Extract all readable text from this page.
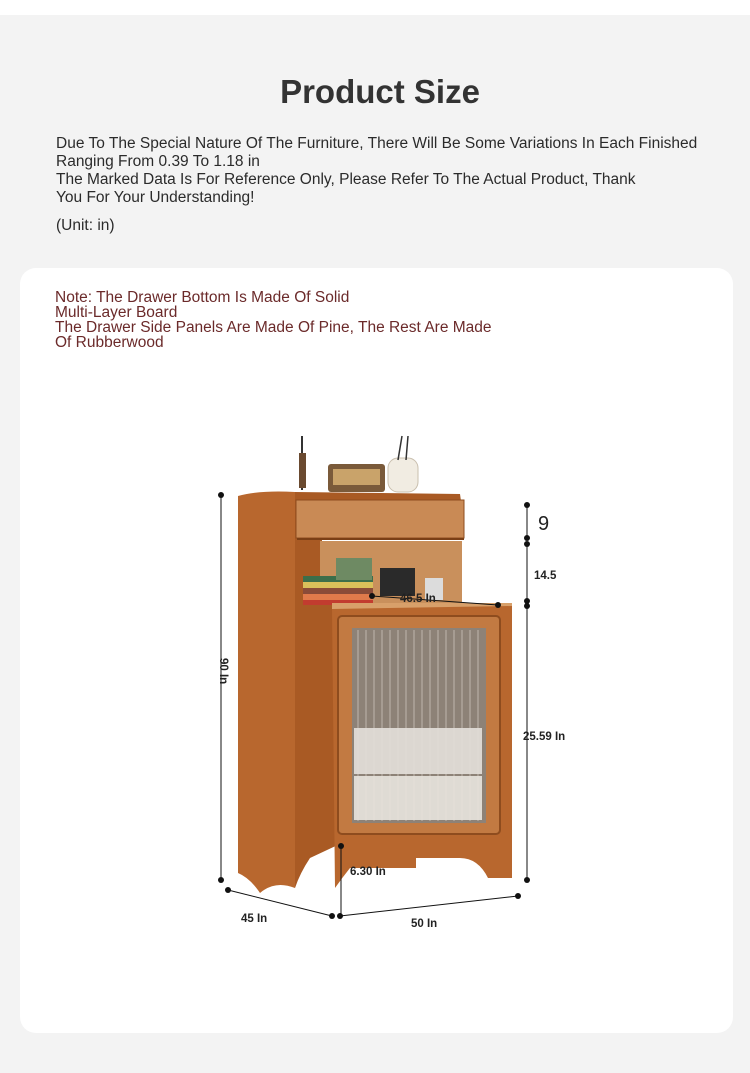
Product Size
Due To The Special Nature Of The Furniture, There Will Be Some Variations In Each Finished
Ranging From 0.39 To 1.18 in
The Marked Data Is For Reference Only, Please Refer To The Actual Product, Thank
You For Your Understanding!
(Unit: in)
Note: The Drawer Bottom Is Made Of Solid
Multi-Layer Board
The Drawer Side Panels Are Made Of Pine, The Rest Are Made
Of Rubberwood
90 In
9
14.5
46.5 In
25.59 In
6.30 In
45 In	50 In
